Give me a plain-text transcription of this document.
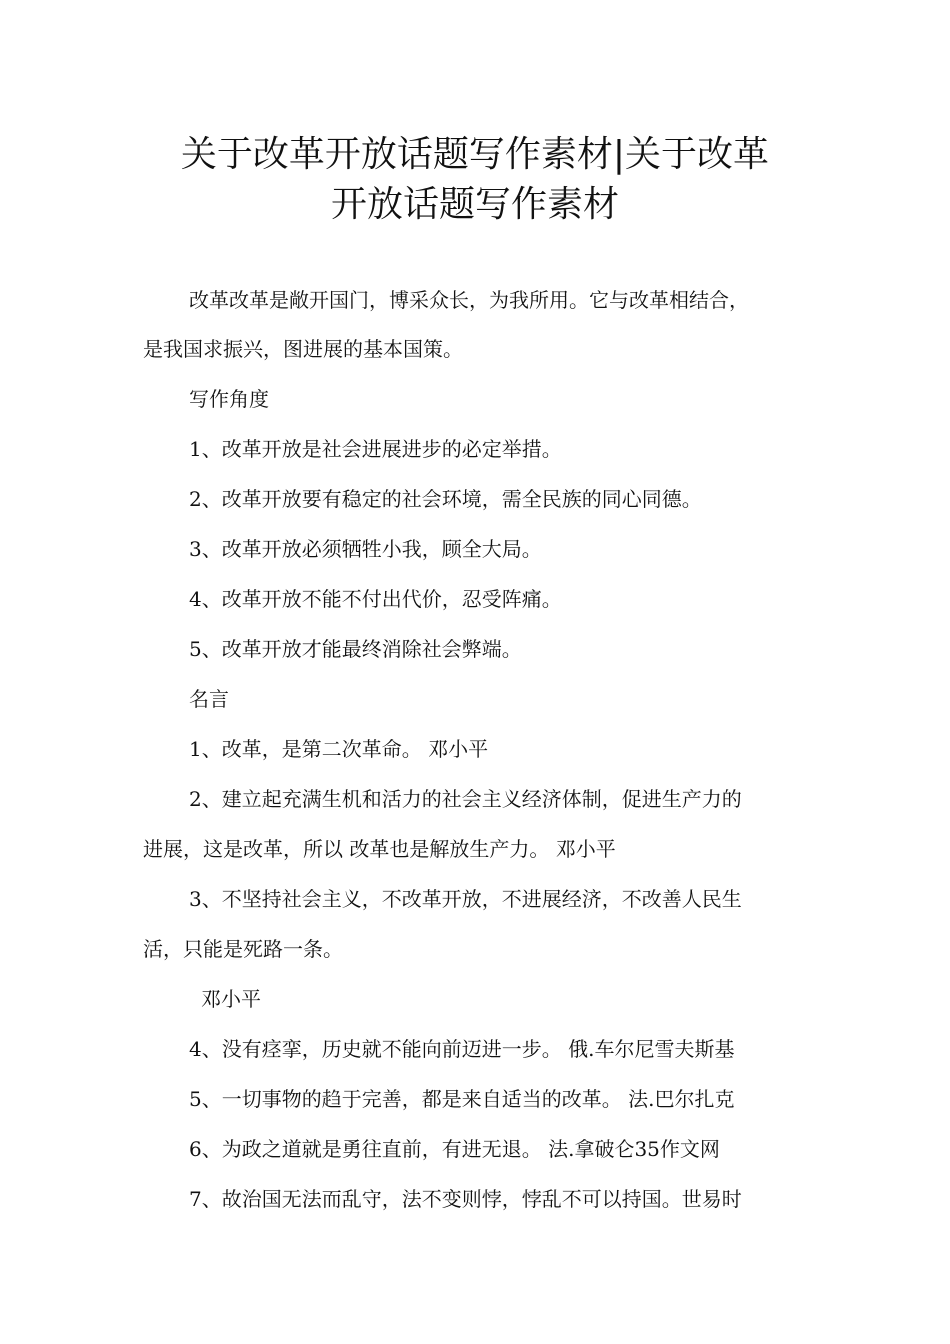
关于改革开放话题写作素材|关于改革
开放话题写作素材
改革改革是敞开国门，博采众长，为我所用。它与改革相结合，
是我国求振兴，图进展的基本国策。
写作角度
1、改革开放是社会进展进步的必定举措。
2、改革开放要有稳定的社会环境，需全民族的同心同德。
3、改革开放必须牺牲小我，顾全大局。
4、改革开放不能不付出代价，忍受阵痛。
5、改革开放才能最终消除社会弊端。
名言
1、改革，是第二次革命。 邓小平
2、建立起充满生机和活力的社会主义经济体制，促进生产力的
进展，这是改革，所以 改革也是解放生产力。 邓小平
3、不坚持社会主义，不改革开放，不进展经济，不改善人民生
活，只能是死路一条。
邓小平
4、没有痉挛，历史就不能向前迈进一步。 俄.车尔尼雪夫斯基
5、一切事物的趋于完善，都是来自适当的改革。 法.巴尔扎克
6、为政之道就是勇往直前，有进无退。 法.拿破仑35作文网
7、故治国无法而乱守，法不变则悖，悖乱不可以持国。世易时
